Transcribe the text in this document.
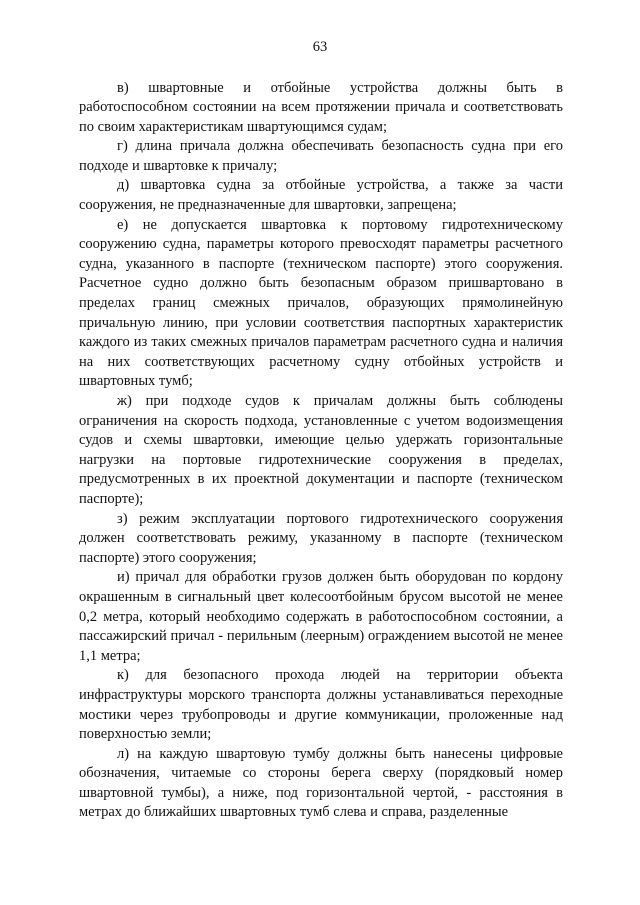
63

в) швартовные и отбойные устройства должны быть в работоспособном состоянии на всем протяжении причала и соответствовать по своим характеристикам швартующимся судам;

г) длина причала должна обеспечивать безопасность судна при его подходе и швартовке к причалу;

д) швартовка судна за отбойные устройства, а также за части сооружения, не предназначенные для швартовки, запрещена;

е) не допускается швартовка к портовому гидротехническому сооружению судна, параметры которого превосходят параметры расчетного судна, указанного в паспорте (техническом паспорте) этого сооружения. Расчетное судно должно быть безопасным образом пришвартовано в пределах границ смежных причалов, образующих прямолинейную причальную линию, при условии соответствия паспортных характеристик каждого из таких смежных причалов параметрам расчетного судна и наличия на них соответствующих расчетному судну отбойных устройств и швартовных тумб;

ж) при подходе судов к причалам должны быть соблюдены ограничения на скорость подхода, установленные с учетом водоизмещения судов и схемы швартовки, имеющие целью удержать горизонтальные нагрузки на портовые гидротехнические сооружения в пределах, предусмотренных в их проектной документации и паспорте (техническом паспорте);

з) режим эксплуатации портового гидротехнического сооружения должен соответствовать режиму, указанному в паспорте (техническом паспорте) этого сооружения;

и) причал для обработки грузов должен быть оборудован по кордону окрашенным в сигнальный цвет колесоотбойным брусом высотой не менее 0,2 метра, который необходимо содержать в работоспособном состоянии, а пассажирский причал - перильным (леерным) ограждением высотой не менее 1,1 метра;

к) для безопасного прохода людей на территории объекта инфраструктуры морского транспорта должны устанавливаться переходные мостики через трубопроводы и другие коммуникации, проложенные над поверхностью земли;

л) на каждую швартовую тумбу должны быть нанесены цифровые обозначения, читаемые со стороны берега сверху (порядковый номер швартовной тумбы), а ниже, под горизонтальной чертой, - расстояния в метрах до ближайших швартовных тумб слева и справа, разделенные
